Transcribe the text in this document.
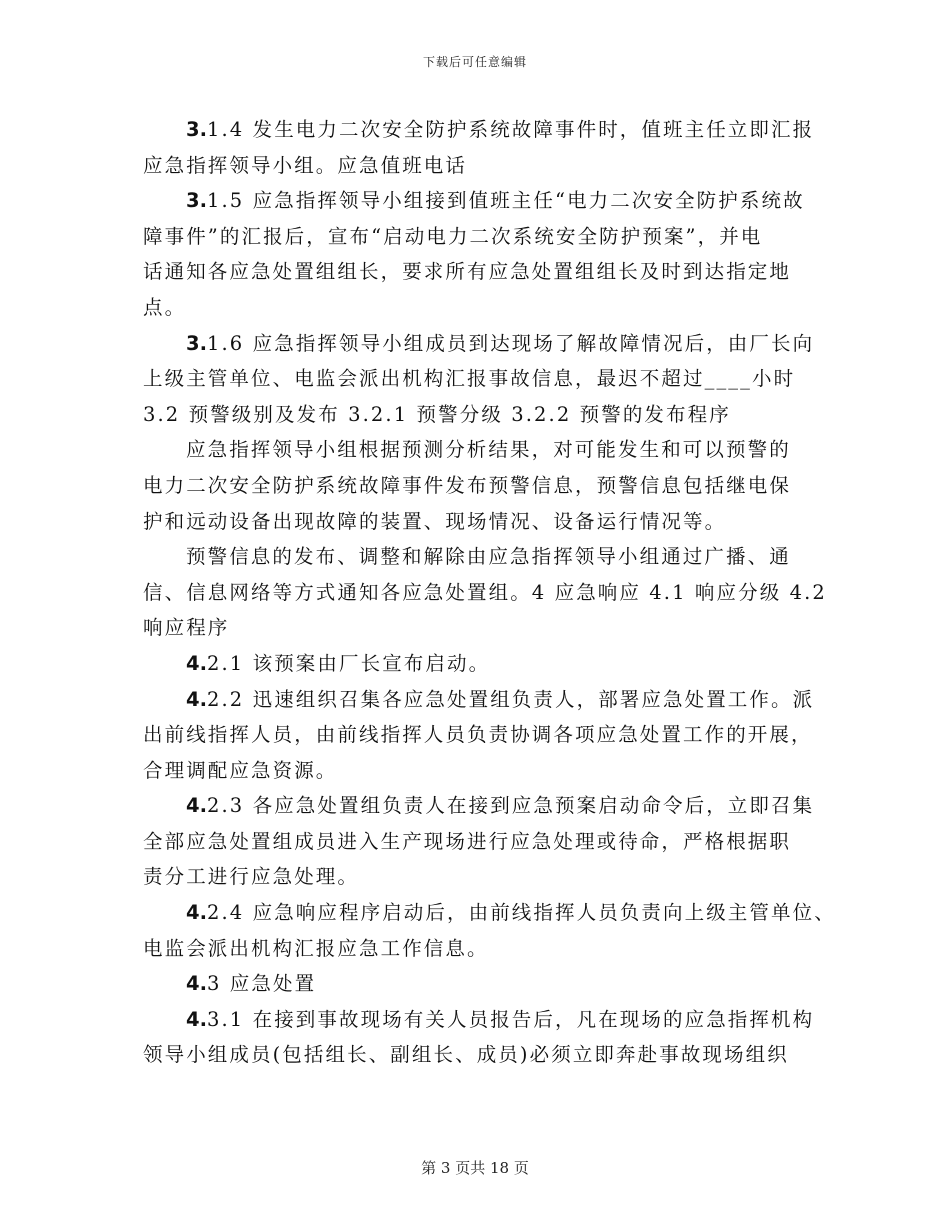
下载后可任意编辑
3.1.4 发生电力二次安全防护系统故障事件时，值班主任立即汇报
应急指挥领导小组。应急值班电话
3.1.5 应急指挥领导小组接到值班主任“电力二次安全防护系统故
障事件”的汇报后，宣布“启动电力二次系统安全防护预案”，并电
话通知各应急处置组组长，要求所有应急处置组组长及时到达指定地
点。
3.1.6 应急指挥领导小组成员到达现场了解故障情况后，由厂长向
上级主管单位、电监会派出机构汇报事故信息，最迟不超过____小时
3.2 预警级别及发布 3.2.1 预警分级 3.2.2 预警的发布程序
应急指挥领导小组根据预测分析结果，对可能发生和可以预警的
电力二次安全防护系统故障事件发布预警信息，预警信息包括继电保
护和远动设备出现故障的装置、现场情况、设备运行情况等。
预警信息的发布、调整和解除由应急指挥领导小组通过广播、通
信、信息网络等方式通知各应急处置组。4 应急响应 4.1 响应分级 4.2
响应程序
4.2.1 该预案由厂长宣布启动。
4.2.2 迅速组织召集各应急处置组负责人，部署应急处置工作。派
出前线指挥人员，由前线指挥人员负责协调各项应急处置工作的开展，
合理调配应急资源。
4.2.3 各应急处置组负责人在接到应急预案启动命令后，立即召集
全部应急处置组成员进入生产现场进行应急处理或待命，严格根据职
责分工进行应急处理。
4.2.4 应急响应程序启动后，由前线指挥人员负责向上级主管单位、
电监会派出机构汇报应急工作信息。
4.3 应急处置
4.3.1 在接到事故现场有关人员报告后，凡在现场的应急指挥机构
领导小组成员(包括组长、副组长、成员)必须立即奔赴事故现场组织
第 3 页共 18 页
